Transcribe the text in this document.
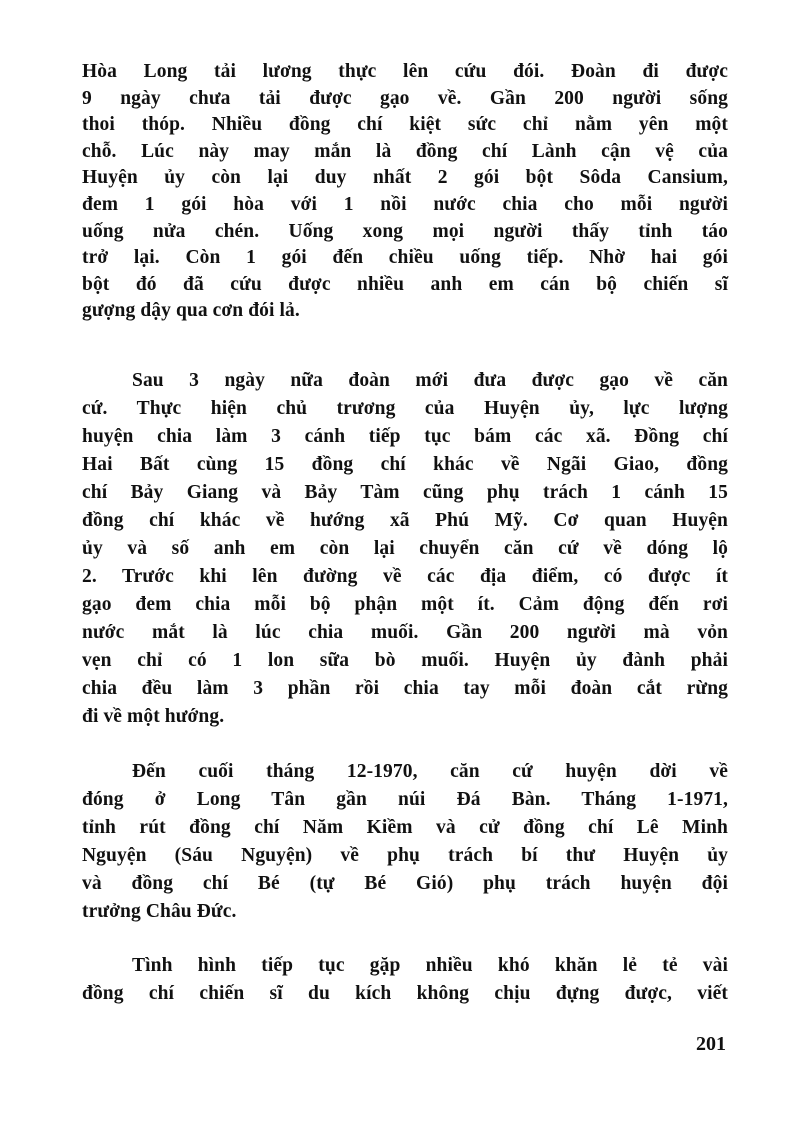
Hòa Long tải lương thực lên cứu đói. Đoàn đi được
9 ngày chưa tải được gạo về. Gần 200 người sống
thoi thóp. Nhiều đồng chí kiệt sức chỉ nằm yên một
chỗ. Lúc này may mắn là đồng chí Lành cận vệ của
Huyện ủy còn lại duy nhất 2 gói bột Sôda Cansium,
đem 1 gói hòa với 1 nồi nước chia cho mỗi người
uống nửa chén. Uống xong mọi người thấy tỉnh táo
trở lại. Còn 1 gói đến chiều uống tiếp. Nhờ hai gói
bột đó đã cứu được nhiều anh em cán bộ chiến sĩ
gượng dậy qua cơn đói lả.
Sau 3 ngày nữa đoàn mới đưa được gạo về căn
cứ. Thực hiện chủ trương của Huyện ủy, lực lượng
huyện chia làm 3 cánh tiếp tục bám các xã. Đồng chí
Hai Bất cùng 15 đồng chí khác về Ngãi Giao, đồng
chí Bảy Giang và Bảy Tàm cũng phụ trách 1 cánh 15
đồng chí khác về hướng xã Phú Mỹ. Cơ quan Huyện
ủy và số anh em còn lại chuyển căn cứ về dóng lộ
2. Trước khi lên đường về các địa điểm, có được ít
gạo đem chia mỗi bộ phận một ít. Cảm động đến rơi
nước mắt là lúc chia muối. Gần 200 người mà vỏn
vẹn chỉ có 1 lon sữa bò muối. Huyện ủy đành phải
chia đều làm 3 phần rồi chia tay mỗi đoàn cắt rừng
đi về một hướng.
Đến cuối tháng 12-1970, căn cứ huyện dời về
đóng ở Long Tân gần núi Đá Bàn. Tháng 1-1971,
tỉnh rút đồng chí Năm Kiềm và cử đồng chí Lê Minh
Nguyện (Sáu Nguyện) về phụ trách bí thư Huyện ủy
và đồng chí Bé (tự Bé Gió) phụ trách huyện đội
trưởng Châu Đức.
Tình hình tiếp tục gặp nhiều khó khăn lẻ tẻ vài
đồng chí chiến sĩ du kích không chịu đựng được, viết
201
